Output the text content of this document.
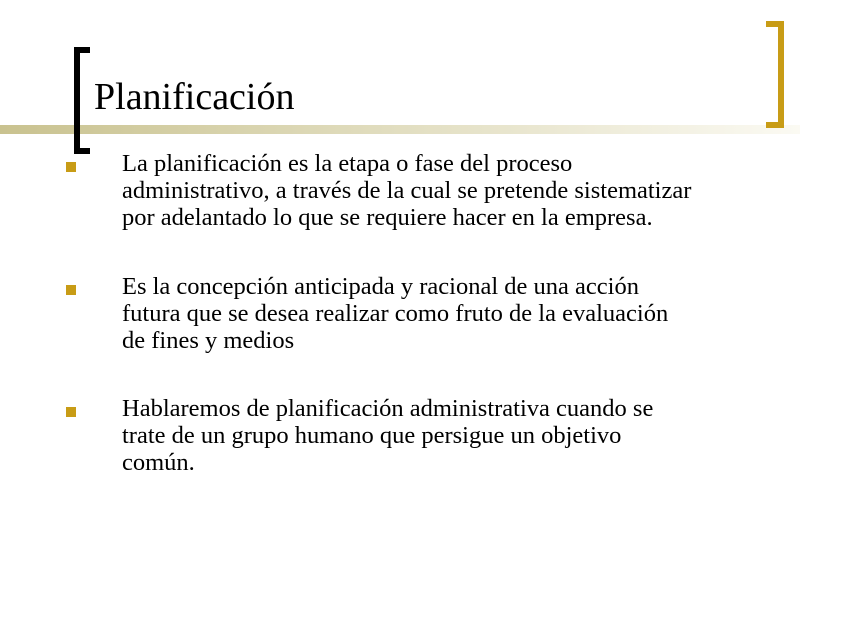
Planificación
La planificación es la etapa o fase del proceso
administrativo, a través de la cual se pretende sistematizar
por adelantado lo que se requiere hacer en la empresa.
Es la concepción anticipada y racional de una acción
futura que se desea realizar como fruto de la evaluación
de fines y medios
Hablaremos de planificación administrativa cuando se
trate de un grupo humano que persigue un objetivo
común.
